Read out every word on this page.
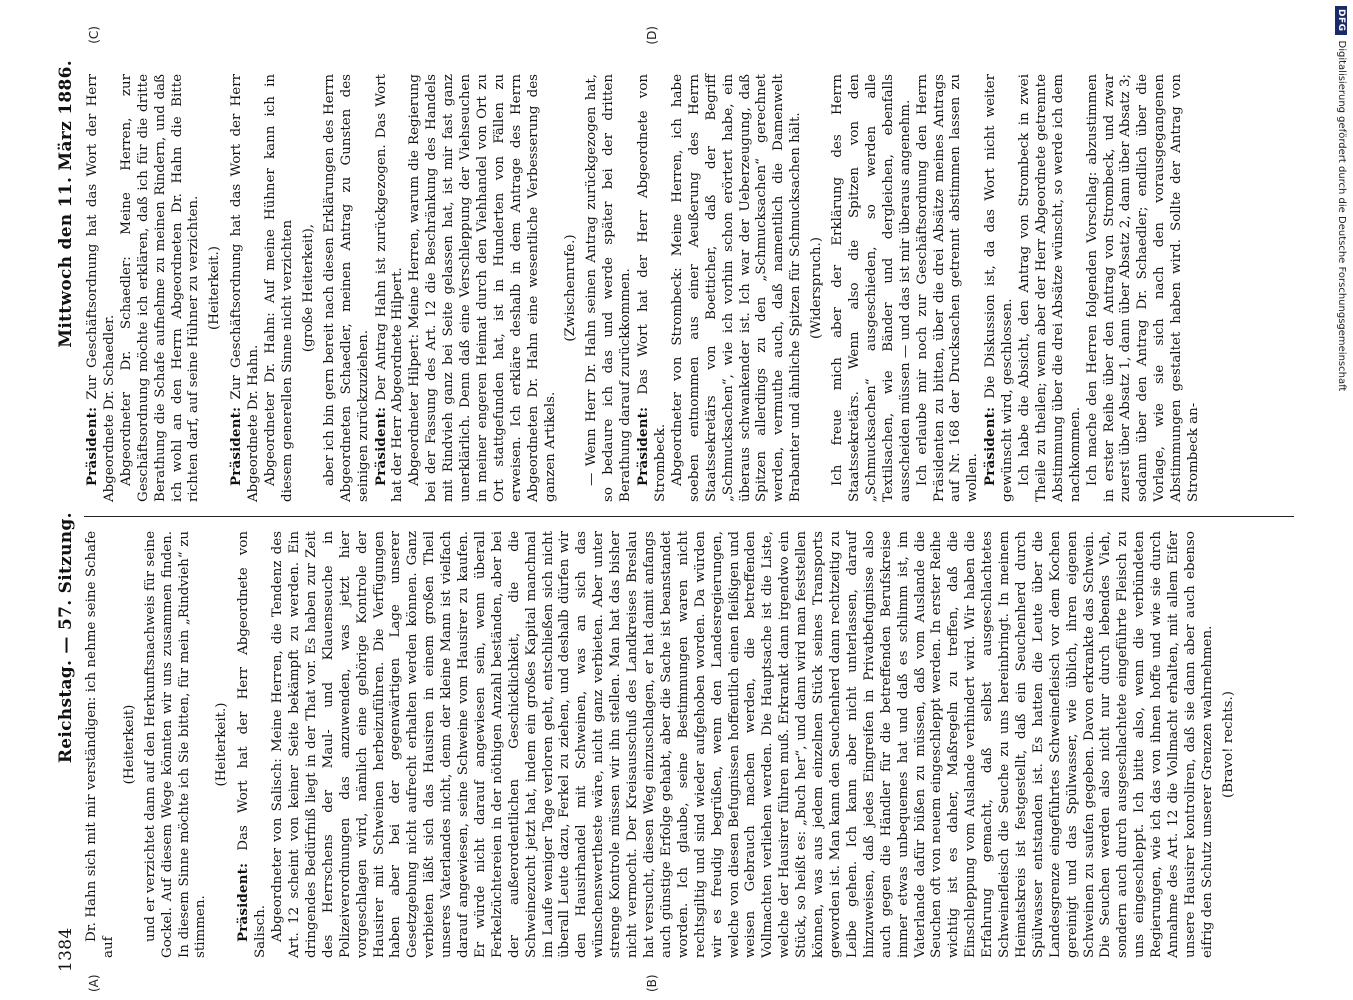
1384
Reichstag. — 57. Sitzung.
Mittwoch den 11. März 1886.
(A)	(B)

Dr. Hahn sich mit mir verständigen: ich nehme seine Schafe auf

(Heiterkeit) und er verzichtet dann auf den Herkunftsnachweis für seine Gockel. Auf diesem Wege könnten wir uns zusammen finden. In diesem Sinne möchte ich Sie bitten, für mein „Rindvieh“ zu stimmen.

(Heiterkeit.)

Präsident: Das Wort hat der Herr Abgeordnete von Salisch. Abgeordneter von Salisch: Meine Herren, die Tendenz des Art. 12 scheint von keiner Seite bekämpft zu werden. Ein dringendes Bedürfniß liegt in der That vor. Es haben zur Zeit des Herrschens der Maul- und Klauenseuche in Polizeiverordnungen das anzuwenden, was jetzt hier vorgeschlagen wird, nämlich eine gehörige Kontrole der Hausirer mit Schweinen herbeizuführen. Die Verfügungen haben aber bei der gegenwärtigen Lage unserer Gesetzgebung nicht aufrecht erhalten werden können. Ganz verbieten läßt sich das Hausiren in einem großen Theil unseres Vaterlandes nicht, denn der kleine Mann ist vielfach darauf angewiesen, seine Schweine vom Hausirer zu kaufen. Er würde nicht darauf angewiesen sein, wenn überall Ferkelzüchtereien in der nöthigen Anzahl beständen, aber bei der außerordentlichen Geschicklichkeit, die die Schweinezucht jetzt hat, indem ein großes Kapital manchmal im Laufe weniger Tage verloren geht, entschließen sich nicht überall Leute dazu, Ferkel zu ziehen, und deshalb dürfen wir den Hausirhandel mit Schweinen, was an sich das wünschenswertheste wäre, nicht ganz verbieten. Aber unter strenge Kontrole müssen wir ihn stellen. Man hat das bisher nicht vermocht. Der Kreisausschuß des Landkreises Breslau hat versucht, diesen Weg einzuschlagen, er hat damit anfangs auch günstige Erfolge gehabt, aber die Sache ist beanstandet worden. Ich glaube, seine Bestimmungen waren nicht rechtsgiltig und sind wieder aufgehoben worden. Da würden wir es freudig begrüßen, wenn den Landesregierungen, welche von diesen Befugnissen hoffentlich einen fleißigen und weisen Gebrauch machen werden, die betreffenden Vollmachten verliehen werden. Die Hauptsache ist die Liste, welche der Hausirer führen muß. Erkrankt dann irgendwo ein Stück, so heißt es: „Buch her“, und dann wird man feststellen können, was aus jedem einzelnen Stück seines Transports geworden ist. Man kann den Seuchenherd dann rechtzeitig zu Leibe gehen. Ich kann aber nicht unterlassen, darauf hinzuweisen, daß jedes Eingreifen in Privatbefugnisse also auch gegen die Händler für die betreffenden Berufskreise immer etwas unbequemes hat und daß es schlimm ist, im Vaterlande dafür büßen zu müssen, daß vom Auslande die Seuchen oft von neuem eingeschleppt werden. In erster Reihe wichtig ist es daher, Maßregeln zu treffen, daß die Einschleppung vom Auslande verhindert wird. Wir haben die Erfahrung gemacht, daß selbst ausgeschlachtetes Schweinefleisch die Seuche zu uns hereinbringt. In meinem Heimatskreis ist festgestellt, daß ein Seuchenherd durch Spülwasser entstanden ist. Es hatten die Leute über die Landesgrenze eingeführtes Schweinefleisch vor dem Kochen gereinigt und das Spülwasser, wie üblich, ihren eigenen Schweinen zu saufen gegeben. Davon erkrankte das Schwein. Die Seuchen werden also nicht nur durch lebendes Vieh, sondern auch durch ausgeschlachtete eingeführte Fleisch zu uns eingeschleppt. Ich bitte also, wenn die verbündeten Regierungen, wie ich das von ihnen hoffe und wie sie durch Annahme des Art. 12 die Vollmacht erhalten, mit allem Eifer unsere Hausirer kontroliren, daß sie dann aber auch ebenso eifrig den Schutz unserer Grenzen wahrnehmen. (Bravo! rechts.)

(C)	(D)

Präsident: Zur Geschäftsordnung hat das Wort der Herr Abgeordnete Dr. Schaedler. Abgeordneter Dr. Schaedler: Meine Herren, zur Geschäftsordnung möchte ich erklären, daß ich für die dritte Berathung die Schafe aufnehme zu meinen Rindern, und daß ich wohl an den Herrn Abgeordneten Dr. Hahn die Bitte richten darf, auf seine Hühner zu verzichten. (Heiterkeit.)

Präsident: Zur Geschäftsordnung hat das Wort der Herr Abgeordnete Dr. Hahn. Abgeordneter Dr. Hahn: Auf meine Hühner kann ich in diesem generellen Sinne nicht verzichten (große Heiterkeit), aber ich bin gern bereit nach diesen Erklärungen des Herrn Abgeordneten Schaedler, meinen Antrag zu Gunsten des seinigen zurückzuziehen. Präsident: Der Antrag Hahn ist zurückgezogen. Das Wort hat der Herr Abgeordnete Hilpert. Abgeordneter Hilpert: Meine Herren, warum die Regierung bei der Fassung des Art. 12 die Beschränkung des Handels mit Rindvieh ganz bei Seite gelassen hat, ist mir fast ganz unerklärlich. Denn daß eine Verschleppung der Viehseuchen in meiner engeren Heimat durch den Viehhandel von Ort zu Ort stattgefunden hat, ist in Hunderten von Fällen zu erweisen. Ich erkläre deshalb in dem Antrage des Herrn Abgeordneten Dr. Hahn eine wesentliche Verbesserung des ganzen Artikels.

(Zwischenrufe.) — Wenn Herr Dr. Hahn seinen Antrag zurückgezogen hat, so bedaure ich das und werde später bei der dritten Berathung darauf zurückkommen. Präsident: Das Wort hat der Herr Abgeordnete von Strombeck. Abgeordneter von Strombeck: Meine Herren, ich habe soeben entnommen aus einer Aeußerung des Herrn Staatssekretärs von Boetticher, daß der Begriff „Schmucksachen“, wie ich vorhin schon erörtert habe, ein überaus schwankender ist. Ich war der Ueberzeugung, daß Spitzen allerdings zu den „Schmucksachen“ gerechnet werden, vermuthe auch, daß namentlich die Damenwelt Brabanter und ähnliche Spitzen für Schmucksachen hält. (Widerspruch.) Ich freue mich aber der Erklärung des Herrn Staatssekretärs. Wenn also die Spitzen von den „Schmucksachen“ ausgeschieden, so werden alle Textilsachen, wie Bänder und dergleichen, ebenfalls ausscheiden müssen — und das ist mir überaus angenehm. Ich erlaube mir noch zur Geschäftsordnung den Herrn Präsidenten zu bitten, über die drei Absätze meines Antrags auf Nr. 168 der Drucksachen getrennt abstimmen lassen zu wollen. Präsident: Die Diskussion ist, da das Wort nicht weiter gewünscht wird, geschlossen. Ich habe die Absicht, den Antrag von Strombeck in zwei Theile zu theilen; wenn aber der Herr Abgeordnete getrennte Abstimmung über die drei Absätze wünscht, so werde ich dem nachkommen. Ich mache den Herren folgenden Vorschlag: abzustimmen in erster Reihe über den Antrag von Strombeck, und zwar zuerst über Absatz 1, dann über Absatz 2, dann über Absatz 3; sodann über den Antrag Dr. Schaedler; endlich über die Vorlage, wie sie sich nach den vorausgegangenen Abstimmungen gestaltet haben wird. Sollte der Antrag von Strombeck an-

DFG
Digitalisierung gefördert durch die Deutsche Forschungsgemeinschaft
